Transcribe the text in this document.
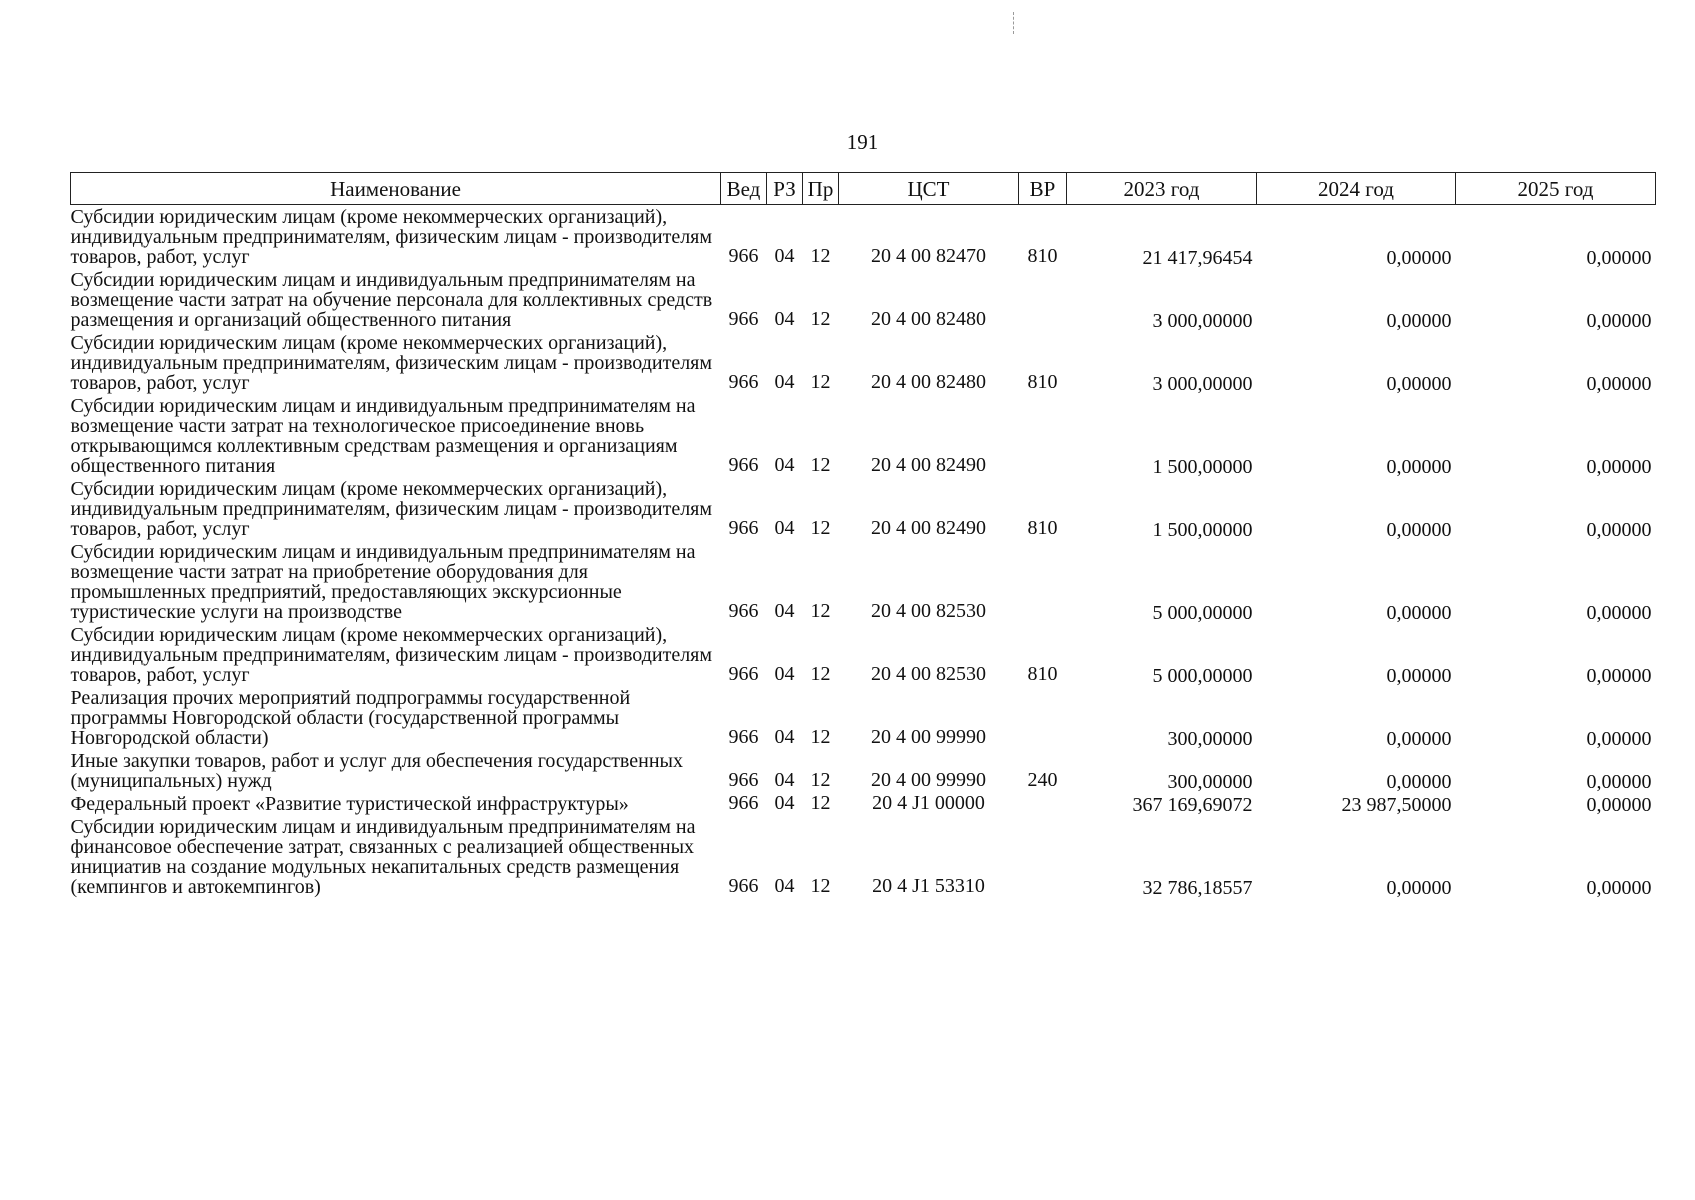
191
Наименование	Вед	РЗ	Пр	ЦСТ	ВР	2023 год	2024 год	2025 год
Субсидии юридическим лицам (кроме некоммерческих организаций), индивидуальным предпринимателям, физическим лицам - производителям товаров, работ, услуг	966	04	12	20 4 00 82470	810	21 417,96454	0,00000	0,00000
Субсидии юридическим лицам и индивидуальным предпринимателям на возмещение части затрат на обучение персонала для коллективных средств размещения и организаций общественного питания	966	04	12	20 4 00 82480		3 000,00000	0,00000	0,00000
Субсидии юридическим лицам (кроме некоммерческих организаций), индивидуальным предпринимателям, физическим лицам - производителям товаров, работ, услуг	966	04	12	20 4 00 82480	810	3 000,00000	0,00000	0,00000
Субсидии юридическим лицам и индивидуальным предпринимателям на возмещение части затрат на технологическое присоединение вновь открывающимся коллективным средствам размещения и организациям общественного питания	966	04	12	20 4 00 82490		1 500,00000	0,00000	0,00000
Субсидии юридическим лицам (кроме некоммерческих организаций), индивидуальным предпринимателям, физическим лицам - производителям товаров, работ, услуг	966	04	12	20 4 00 82490	810	1 500,00000	0,00000	0,00000
Субсидии юридическим лицам и индивидуальным предпринимателям на возмещение части затрат на приобретение оборудования для промышленных предприятий, предоставляющих экскурсионные туристические услуги на производстве	966	04	12	20 4 00 82530		5 000,00000	0,00000	0,00000
Субсидии юридическим лицам (кроме некоммерческих организаций), индивидуальным предпринимателям, физическим лицам - производителям товаров, работ, услуг	966	04	12	20 4 00 82530	810	5 000,00000	0,00000	0,00000
Реализация прочих мероприятий подпрограммы государственной программы Новгородской области (государственной программы Новгородской области)	966	04	12	20 4 00 99990		300,00000	0,00000	0,00000
Иные закупки товаров, работ и услуг для обеспечения государственных (муниципальных) нужд	966	04	12	20 4 00 99990	240	300,00000	0,00000	0,00000
Федеральный проект «Развитие туристической инфраструктуры»	966	04	12	20 4 J1 00000		367 169,69072	23 987,50000	0,00000
Субсидии юридическим лицам и индивидуальным предпринимателям на финансовое обеспечение затрат, связанных с реализацией общественных инициатив на создание модульных некапитальных средств размещения (кемпингов и автокемпингов)	966	04	12	20 4 J1 53310		32 786,18557	0,00000	0,00000
